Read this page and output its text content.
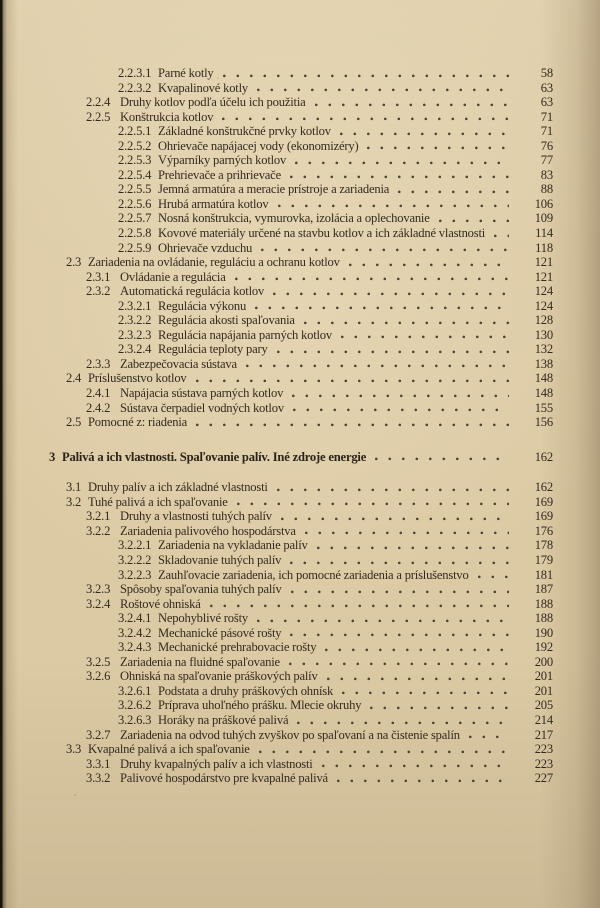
2.2.3.1 Parné kotly	58
2.2.3.2 Kvapalinové kotly	63
2.2.4 Druhy kotlov podľa účelu ich použitia	63
2.2.5 Konštrukcia kotlov	71
2.2.5.1 Základné konštrukčné prvky kotlov	71
2.2.5.2 Ohrievače napájacej vody (ekonomizéry)	76
2.2.5.3 Výparníky parných kotlov	77
2.2.5.4 Prehrievače a prihrievače	83
2.2.5.5 Jemná armatúra a meracie prístroje a zariadenia	88
2.2.5.6 Hrubá armatúra kotlov	106
2.2.5.7 Nosná konštrukcia, vymurovka, izolácia a oplechovanie	109
2.2.5.8 Kovové materiály určené na stavbu kotlov a ich základné vlastnosti	114
2.2.5.9 Ohrievače vzduchu	118
2.3 Zariadenia na ovládanie, reguláciu a ochranu kotlov	121
2.3.1 Ovládanie a regulácia	121
2.3.2 Automatická regulácia kotlov	124
2.3.2.1 Regulácia výkonu	124
2.3.2.2 Regulácia akosti spaľovania	128
2.3.2.3 Regulácia napájania parných kotlov	130
2.3.2.4 Regulácia teploty pary	132
2.3.3 Zabezpečovacia sústava	138
2.4 Príslušenstvo kotlov	148
2.4.1 Napájacia sústava parných kotlov	148
2.4.2 Sústava čerpadiel vodných kotlov	155
2.5 Pomocné z: riadenia	156
3 Palivá a ich vlastnosti. Spaľovanie palív. Iné zdroje energie	162
3.1 Druhy palív a ich základné vlastnosti	162
3.2 Tuhé palivá a ich spaľovanie	169
3.2.1 Druhy a vlastnosti tuhých palív	169
3.2.2 Zariadenia palivového hospodárstva	176
3.2.2.1 Zariadenia na vykladanie palív	178
3.2.2.2 Skladovanie tuhých palív	179
3.2.2.3 Zauhľovacie zariadenia, ich pomocné zariadenia a príslušenstvo	181
3.2.3 Spôsoby spaľovania tuhých palív	187
3.2.4 Roštové ohniská	188
3.2.4.1 Nepohyblivé rošty	188
3.2.4.2 Mechanické pásové rošty	190
3.2.4.3 Mechanické prehrabovacie rošty	192
3.2.5 Zariadenia na fluidné spaľovanie	200
3.2.6 Ohniská na spaľovanie práškových palív	201
3.2.6.1 Podstata a druhy práškových ohnísk	201
3.2.6.2 Príprava uhoľného prášku. Mlecie okruhy	205
3.2.6.3 Horáky na práškové palivá	214
3.2.7 Zariadenia na odvod tuhých zvyškov po spaľovaní a na čistenie spalín	217
3.3 Kvapalné palivá a ich spaľovanie	223
3.3.1 Druhy kvapalných palív a ich vlastnosti	223
3.3.2 Palivové hospodárstvo pre kvapalné palivá	227
